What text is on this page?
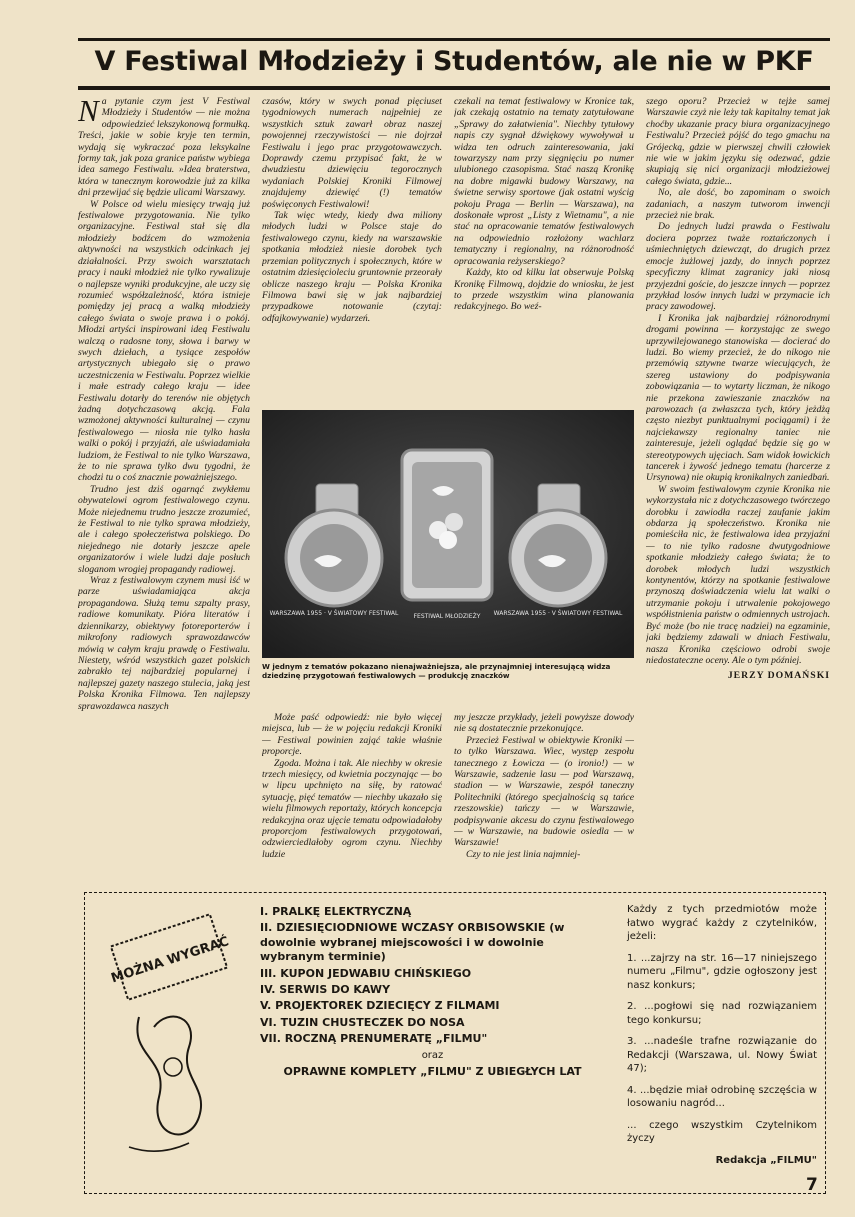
V Festiwal Młodzieży i Studentów, ale nie w PKF

Na pytanie czym jest V Festiwal Młodzieży i Studentów — nie można odpowiedzieć lekszykonową formułką. Treści, jakie w sobie kryje ten termin, wydają się wykraczać poza leksykalne formy tak, jak poza granice państw wybiega idea samego Festiwalu. »Idea braterstwa, która w tanecznym korowodzie już za kilka dni przewijać się będzie ulicami Warszawy.

W Polsce od wielu miesięcy trwają już festiwalowe przygotowania. Nie tylko organizacyjne. Festiwal stał się dla młodzieży bodźcem do wzmożenia aktywności na wszystkich odcinkach jej działalności. Przy swoich warsztatach pracy i nauki młodzież nie tylko rywalizuje o najlepsze wyniki produkcyjne, ale uczy się rozumieć współzależność, która istnieje pomiędzy jej pracą a walką młodzieży całego świata o swoje prawa i o pokój. Młodzi artyści inspirowani ideą Festiwalu walczą o radosne tony, słowa i barwy w swych dziełach, a tysiące zespołów artystycznych ubiegało się o prawo uczestniczenia w Festiwalu. Poprzez wielkie i małe estrady całego kraju — idee Festiwalu dotarły do terenów nie objętych żadną dotychczasową akcją. Fala wzmożonej aktywności kulturalnej — czynu festiwalowego — niosła nie tylko hasła walki o pokój i przyjaźń, ale uświadamiała ludziom, że Festiwal to nie tylko Warszawa, że to nie sprawa tylko dwu tygodni, że chodzi tu o coś znacznie poważniejszego.

Trudno jest dziś ogarnąć zwykłemu obywatelowi ogrom festiwalowego czynu. Może niejednemu trudno jeszcze zrozumieć, że Festiwal to nie tylko sprawa młodzieży, ale i całego społeczeństwa polskiego. Do niejednego nie dotarły jeszcze apele organizatorów i wiele ludzi daje posłuch sloganom wrogiej propagandy radiowej.

Wraz z festiwalowym czynem musi iść w parze uświadamiająca akcja propagandowa. Służą temu szpalty prasy, radiowe komunikaty. Pióra literatów i dziennikarzy, obiektywy fotoreporterów i mikrofony radiowych sprawozdawców mówią w całym kraju prawdę o Festiwalu. Niestety, wśród wszystkich gazet polskich zabrakło tej najbardziej popularnej i najlepszej gazety naszego stulecia, jaką jest Polska Kronika Filmowa. Ten najlepszy sprawozdawca naszych

czasów, który w swych ponad pięciuset tygodniowych numerach najpełniej ze wszystkich sztuk zawarł obraz naszej powojennej rzeczywistości — nie dojrzał Festiwalu i jego prac przygotowawczych. Doprawdy czemu przypisać fakt, że w dwudziestu dziewięciu tegorocznych wydaniach Polskiej Kroniki Filmowej znajdujemy dziewięć (!) tematów poświęconych Festiwalowi!

Tak więc wtedy, kiedy dwa miliony młodych ludzi w Polsce staje do festiwalowego czynu, kiedy na warszawskie spotkania młodzież niesie dorobek tych przemian politycznych i społecznych, które w ostatnim dziesięcioleciu gruntownie przeorały oblicze naszego kraju — Polska Kronika Filmowa bawi się w jak najbardziej przypadkowe notowanie (czytaj: odfajkowywanie) wydarzeń.

czekali na temat festiwalowy w Kronice tak, jak czekają ostatnio na tematy zatytułowane „Sprawy do załatwienia". Niechby tytułowy napis czy sygnał dźwiękowy wywoływał u widza ten odruch zainteresowania, jaki towarzyszy nam przy sięgnięciu po numer ulubionego czasopisma. Stać naszą Kronikę na dobre migawki budowy Warszawy, na świetne serwisy sportowe (jak ostatni wyścig pokoju Praga — Berlin — Warszawa), na doskonałe wprost „Listy z Wietnamu", a nie stać na opracowanie tematów festiwalowych na odpowiednio rozłożony wachlarz tematyczny i regionalny, na różnorodność opracowania reżyserskiego?

Każdy, kto od kilku lat obserwuje Polską Kronikę Filmową, dojdzie do wniosku, że jest to przede wszystkim wina planowania redakcyjnego. Bo weź-

szego oporu? Przecież w tejże samej Warszawie czyż nie leży tak kapitalny temat jak choćby ukazanie pracy biura organizacyjnego Festiwalu? Przecież pójść do tego gmachu na Grójecką, gdzie w pierwszej chwili człowiek nie wie w jakim języku się odezwać, gdzie skupiają się nici organizacji młodzieżowej całego świata, gdzie...

No, ale dość, bo zapominam o swoich zadaniach, a naszym tutworom inwencji przecież nie brak.

Do jednych ludzi prawda o Festiwalu dociera poprzez tważe roztańczonych i uśmiechniętych dziewcząt, do drugich przez emocje żużlowej jazdy, do innych poprzez specyficzny klimat zagranicy jaki niosą przyjezdni goście, do jeszcze innych — poprzez przykład losów innych ludzi w przymacie ich pracy zawodowej.

I Kronika jak najbardziej różnorodnymi drogami powinna — korzystając ze swego uprzywilejowanego stanowiska — docierać do ludzi. Bo wiemy przecież, że do nikogo nie przemówią sztywne twarze wiecujących, że szereg ustawiony do podpisywania zobowiązania — to wytarty liczman, że nikogo nie przekona zawieszanie znaczków na parowozach (a zwłaszcza tych, który jeżdżą często niezbyt punktualnymi pociągami) i że najciekawszy regionalny taniec nie zainteresuje, jeżeli oglądać będzie się go w stereotypowych ujęciach. Sam widok łowickich tancerek i żywość jednego tematu (harcerze z Ursynowa) nie okupią kronikalnych zaniedbań.

W swoim festiwalowym czynie Kronika nie wykorzystała nic z dotychczasowego twórczego dorobku i zawiodła raczej zaufanie jakim obdarza ją społeczeństwo. Kronika nie pomieściła nic, że festiwalowa idea przyjaźni — to nie tylko radosne dwutygodniowe spotkanie młodzieży całego świata; że to dorobek młodych ludzi wszystkich kontynentów, którzy na spotkanie festiwalowe przynoszą doświadczenia wielu lat walki o utrzymanie pokoju i utrwalenie pokojowego współistnienia państw o odmiennych ustrojach. Być może (bo nie tracę nadziei) na egzaminie, jaki będziemy zdawali w dniach Festiwalu, nasza Kronika częściowo odrobi swoje niedostateczne oceny. Ale o tym później.

JERZY DOMAŃSKI
WARSZAWA 1955 · V ŚWIATOWY FESTIWAL	FESTIWAL MŁODZIEŻY WARSZAWA 1955 · V ŚWIATOWY FESTIWAL
W jednym z tematów pokazano nienajważniejsza, ale przynajmniej interesującą widza dziedzinę przygotowań festiwalowych — produkcję znaczków

Może paść odpowiedź: nie było więcej miejsca, lub — że w pojęciu redakcji Kroniki — Festiwal powinien zająć takie właśnie proporcje.

Zgoda. Można i tak. Ale niechby w okresie trzech miesięcy, od kwietnia poczynając — bo w lipcu upchnięto na siłę, by ratować sytuację, pięć tematów — niechby ukazało się wielu filmowych reportaży, których koncepcja redakcyjna oraz ujęcie tematu odpowiadałoby proporcjom festiwalowych przygotowań, odzwierciedlałoby ogrom czynu. Niechby ludzie

my jeszcze przykłady, jeżeli powyższe dowody nie są dostatecznie przekonujące.

Przecież Festiwal w obiektywie Kroniki — to tylko Warszawa. Wiec, występ zespołu tanecznego z Łowicza — (o ironio!) — w Warszawie, sadzenie lasu — pod Warszawą, stadion — w Warszawie, zespół taneczny Politechniki (którego specjalnością są tańce rzeszowskie) tańczy — w Warszawie, podpisywanie akcesu do czynu festiwalowego — w Warszawie, na budowie osiedla — w Warszawie!

Czy to nie jest linia najmniej-

MOŻNA WYGRAĆ
I. PRALKĘ ELEKTRYCZNĄ
II. DZIESIĘCIODNIOWE WCZASY ORBISOWSKIE (w dowolnie wybranej miejscowości i w dowolnie wybranym terminie)
III. KUPON JEDWABIU CHIŃSKIEGO
IV. SERWIS DO KAWY
V. PROJEKTOREK DZIECIĘCY Z FILMAMI
VI. TUZIN CHUSTECZEK DO NOSA
VII. ROCZNĄ PRENUMERATĘ „FILMU"
oraz
OPRAWNE KOMPLETY „FILMU" Z UBIEGŁYCH LAT

Każdy z tych przedmiotów może łatwo wygrać każdy z czytelników, jeżeli:

1. ...zajrzy na str. 16—17 niniejszego numeru „Filmu", gdzie ogłoszony jest nasz konkurs;

2. ...pogłowi się nad rozwiązaniem tego konkursu;

3. ...nadeśle trafne rozwiązanie do Redakcji (Warszawa, ul. Nowy Świat 47);

4. ...będzie miał odrobinę szczęścia w losowaniu nagród...

... czego wszystkim Czytelnikom życzy

Redakcja „FILMU"
7
